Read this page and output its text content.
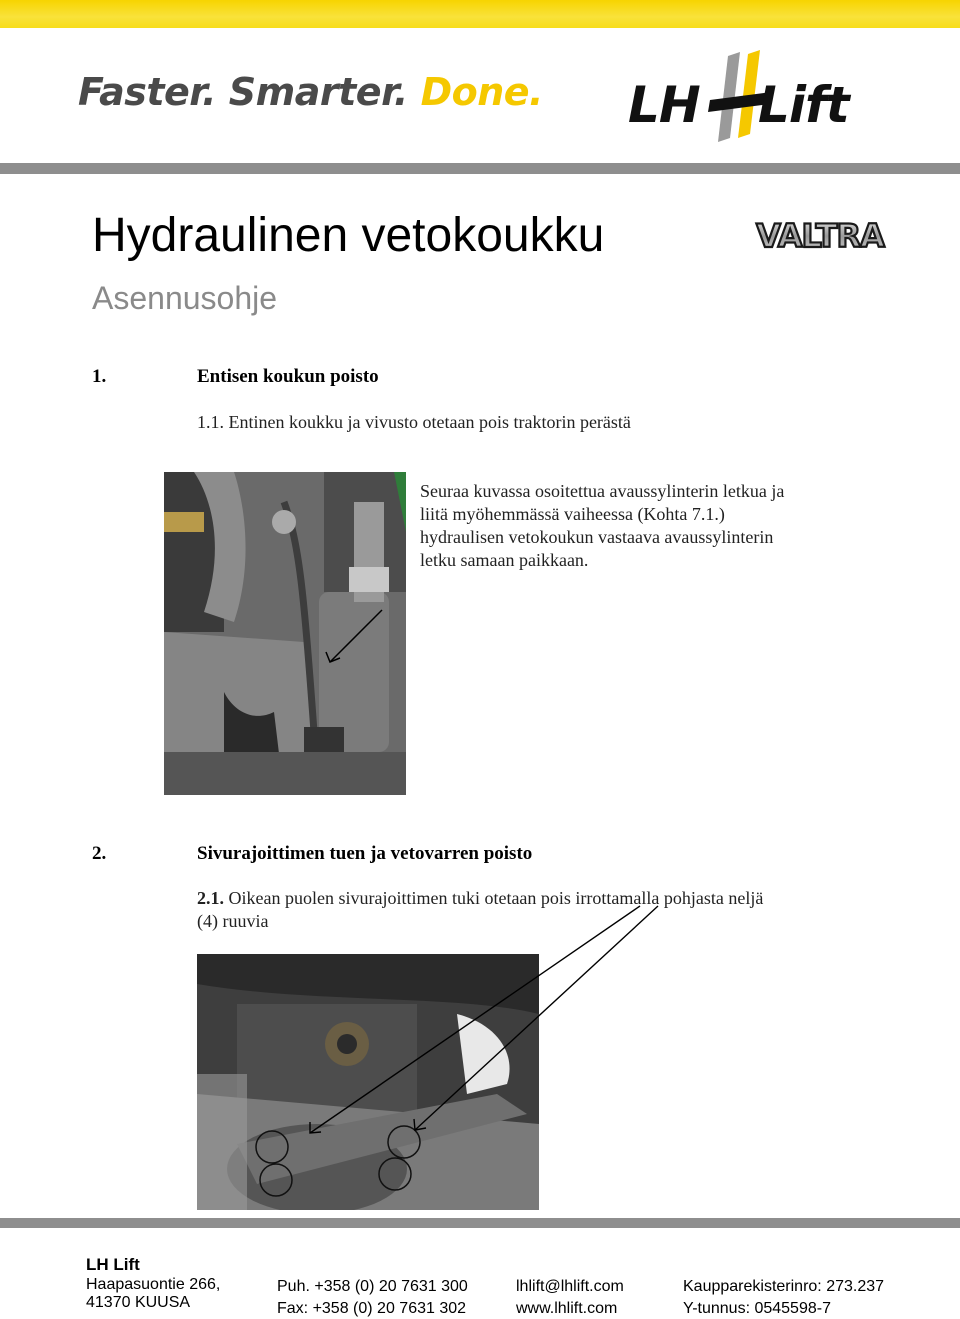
Faster. Smarter. Done. LH Lift
Hydraulinen vetokoukku
Asennusohje
VALTRA
1.	Entisen koukun poisto
1.1. Entinen koukku ja vivusto otetaan pois traktorin perästä
Seuraa kuvassa osoitettua avaussylinterin letkua ja
liitä myöhemmässä vaiheessa (Kohta 7.1.)
hydraulisen vetokoukun vastaava avaussylinterin
letku samaan paikkaan.
2.	Sivurajoittimen tuen ja vetovarren poisto
2.1. Oikean puolen sivurajoittimen tuki otetaan pois irrottamalla pohjasta neljä
(4) ruuvia
LH Lift
Haapasuontie 266,
41370 KUUSA
Puh. +358 (0) 20 7631 300
Fax: +358 (0) 20 7631 302
lhlift@lhlift.com
www.lhlift.com
Kaupparekisterinro: 273.237
Y-tunnus: 0545598-7
